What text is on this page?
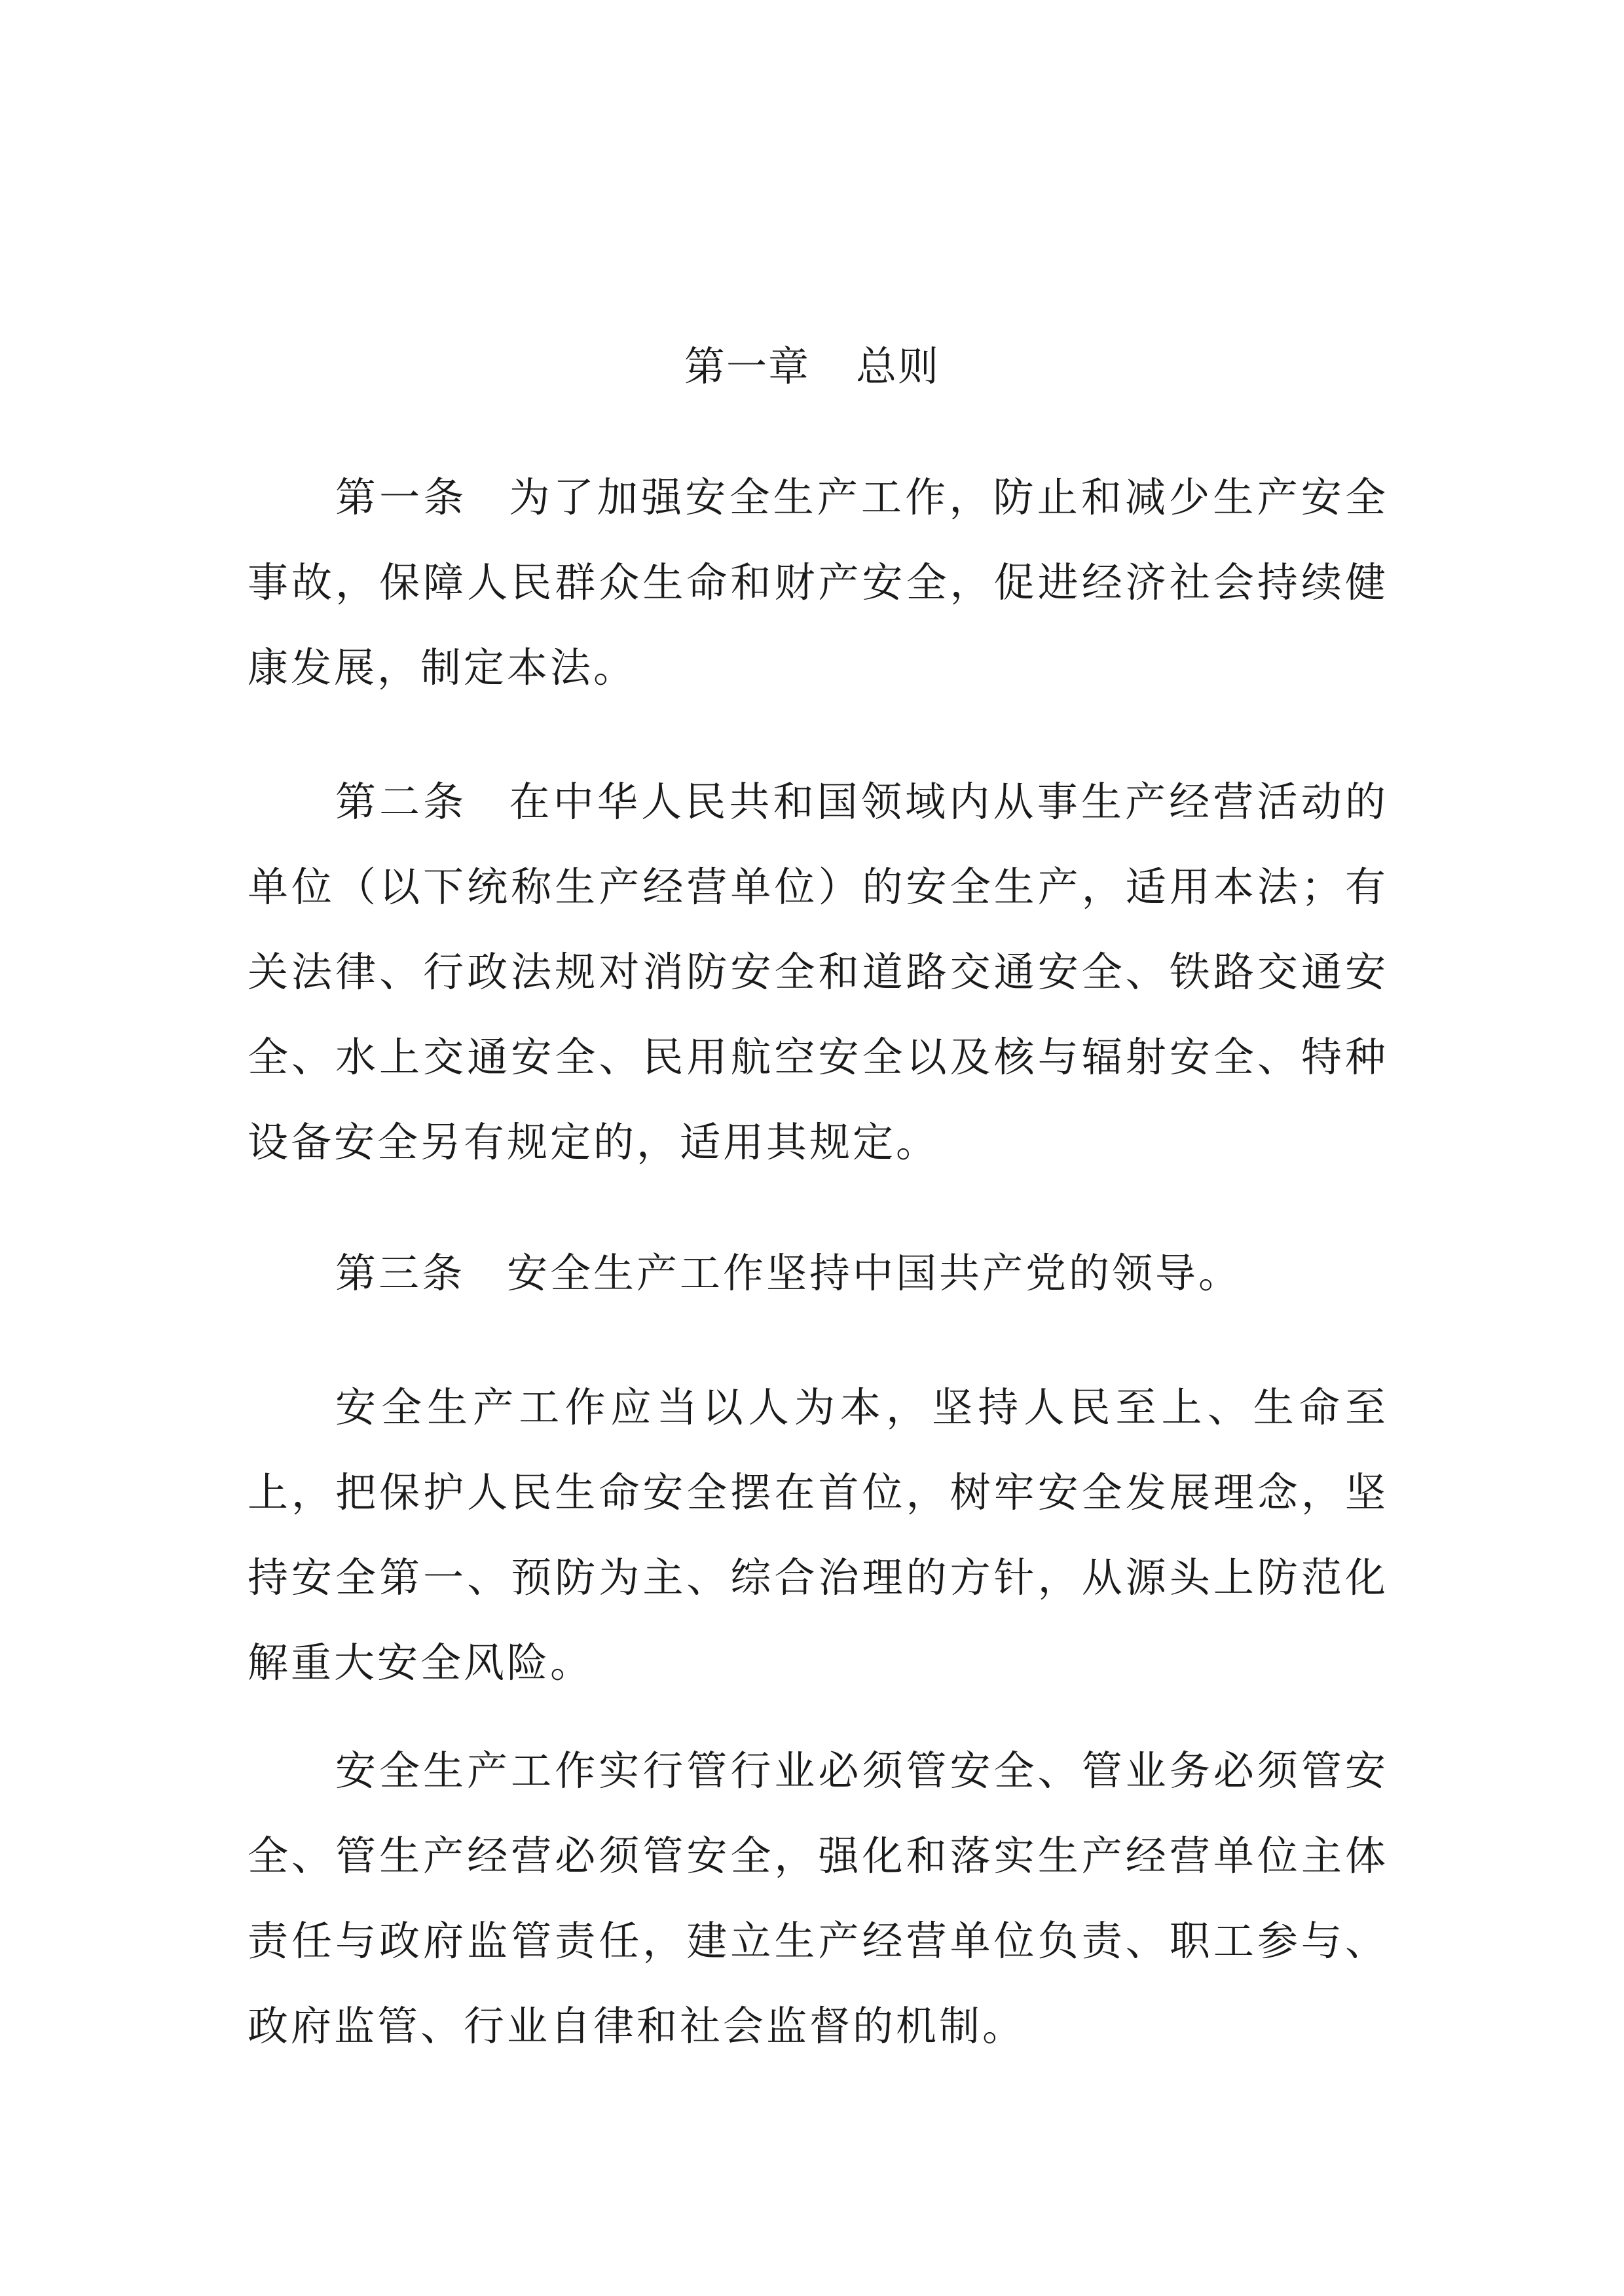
第一章 总则

第一条 为了加强安全生产工作，防止和减少生产安全事故，保障人民群众生命和财产安全，促进经济社会持续健康发展，制定本法。

第二条 在中华人民共和国领域内从事生产经营活动的单位（以下统称生产经营单位）的安全生产，适用本法；有关法律、行政法规对消防安全和道路交通安全、铁路交通安全、水上交通安全、民用航空安全以及核与辐射安全、特种设备安全另有规定的，适用其规定。

第三条 安全生产工作坚持中国共产党的领导。

安全生产工作应当以人为本，坚持人民至上、生命至上，把保护人民生命安全摆在首位，树牢安全发展理念，坚持安全第一、预防为主、综合治理的方针，从源头上防范化解重大安全风险。

安全生产工作实行管行业必须管安全、管业务必须管安全、管生产经营必须管安全，强化和落实生产经营单位主体责任与政府监管责任，建立生产经营单位负责、职工参与、政府监管、行业自律和社会监督的机制。
